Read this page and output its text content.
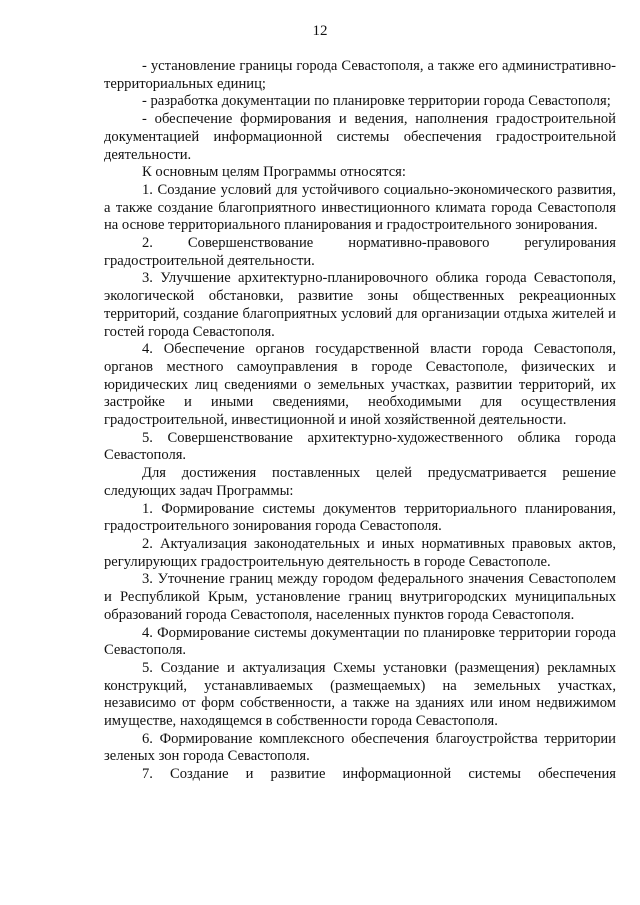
12

- установление границы города Севастополя, а также его административно-территориальных единиц;

- разработка документации по планировке территории города Севастополя;

- обеспечение формирования и ведения, наполнения градостроительной документацией информационной системы обеспечения градостроительной деятельности.

К основным целям Программы относятся:

1. Создание условий для устойчивого социально-экономического развития, а также создание благоприятного инвестиционного климата города Севастополя на основе территориального планирования и градостроительного зонирования.

2. Совершенствование нормативно-правового регулирования градостроительной деятельности.

3. Улучшение архитектурно-планировочного облика города Севастополя, экологической обстановки, развитие зоны общественных рекреационных территорий, создание благоприятных условий для организации отдыха жителей и гостей города Севастополя.

4. Обеспечение органов государственной власти города Севастополя, органов местного самоуправления в городе Севастополе, физических и юридических лиц сведениями о земельных участках, развитии территорий, их застройке и иными сведениями, необходимыми для осуществления градостроительной, инвестиционной и иной хозяйственной деятельности.

5. Совершенствование архитектурно-художественного облика города Севастополя.

Для достижения поставленных целей предусматривается решение следующих задач Программы:

1. Формирование системы документов территориального планирования, градостроительного зонирования города Севастополя.

2. Актуализация законодательных и иных нормативных правовых актов, регулирующих градостроительную деятельность в городе Севастополе.

3. Уточнение границ между городом федерального значения Севастополем и Республикой Крым, установление границ внутригородских муниципальных образований города Севастополя, населенных пунктов города Севастополя.

4. Формирование системы документации по планировке территории города Севастополя.

5. Создание и актуализация Схемы установки (размещения) рекламных конструкций, устанавливаемых (размещаемых) на земельных участках, независимо от форм собственности, а также на зданиях или ином недвижимом имуществе, находящемся в собственности города Севастополя.

6. Формирование комплексного обеспечения благоустройства территории зеленых зон города Севастополя.

7. Создание и развитие информационной системы обеспечения
